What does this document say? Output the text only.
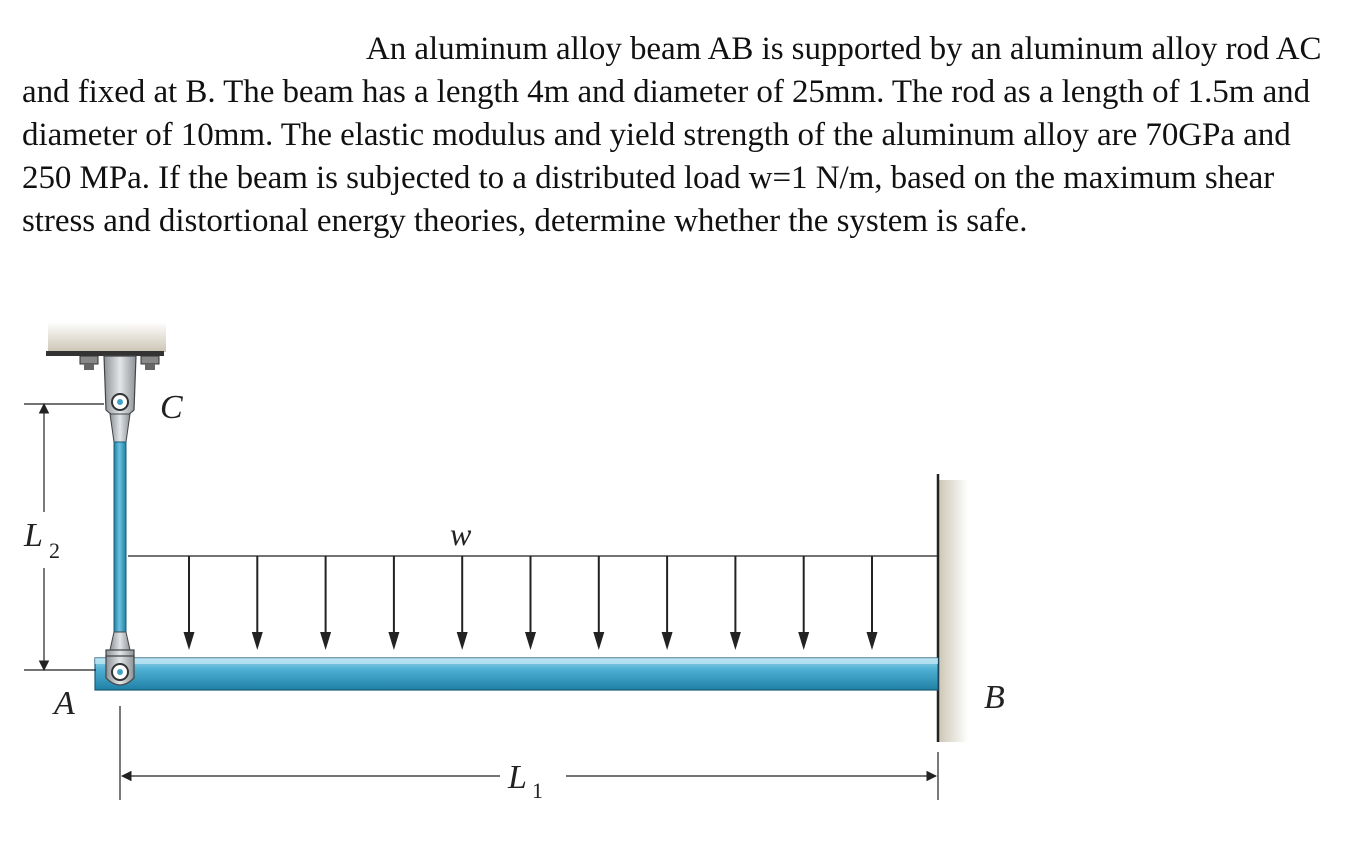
An aluminum alloy beam AB is supported by an aluminum alloy rod AC and fixed at B. The beam has a length 4m and diameter of 25mm. The rod as a length of 1.5m and diameter of 10mm. The elastic modulus and yield strength of the aluminum alloy are 70GPa and 250 MPa. If the beam is subjected to a distributed load w=1 N/m, based on the maximum shear stress and distortional energy theories, determine whether the system is safe.

C
A	B
w
L 2
L 1
